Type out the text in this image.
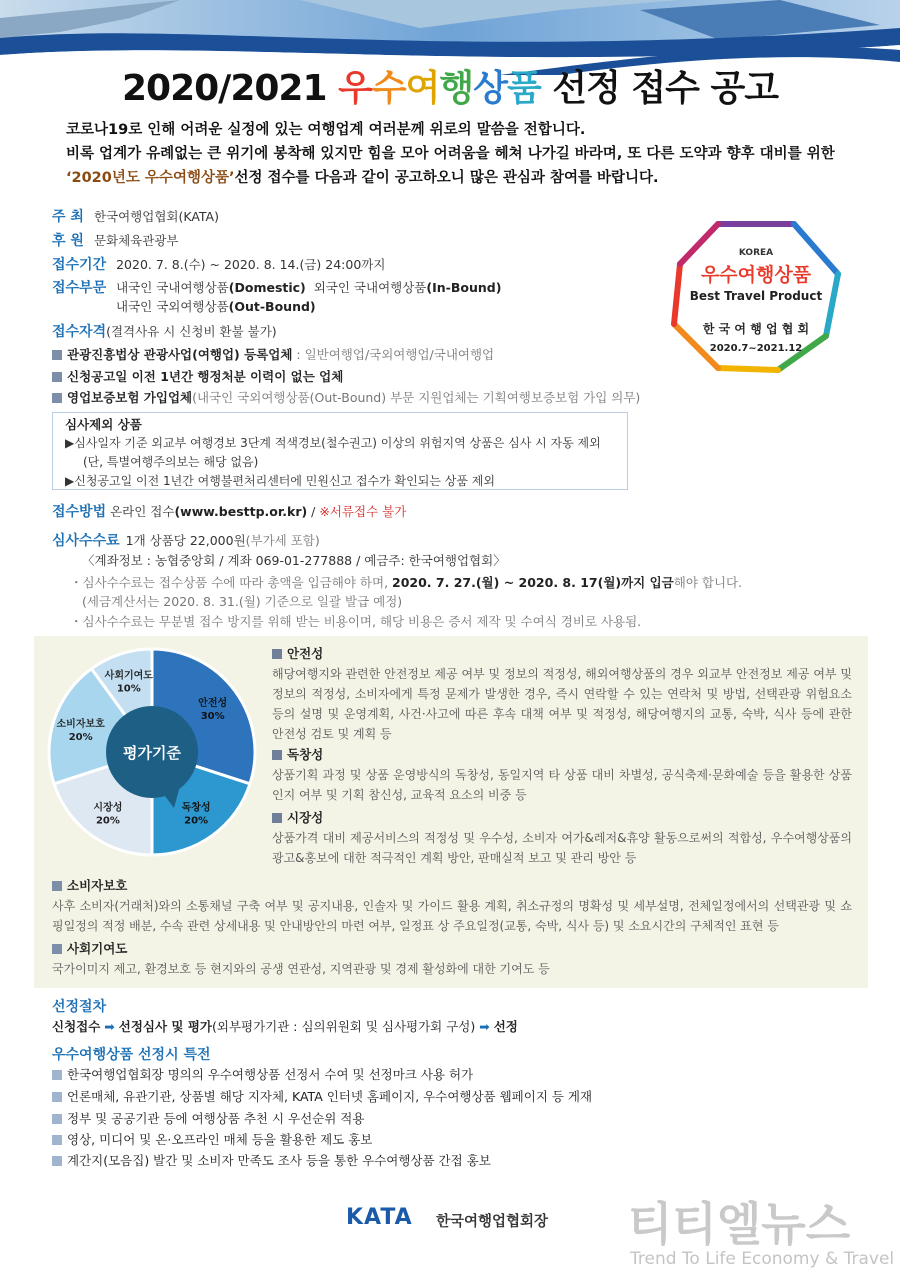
2020/2021 우수여행상품 선정 접수 공고

코로나19로 인해 어려운 실정에 있는 여행업계 여러분께 위로의 말씀을 전합니다.

비록 업계가 유례없는 큰 위기에 봉착해 있지만 힘을 모아 어려움을 헤쳐 나가길 바라며, 또 다른 도약과 향후 대비를 위한

‘2020년도 우수여행상품’선정 접수를 다음과 같이 공고하오니 많은 관심과 참여를 바랍니다.

주 최 한국여행업협회(KATA)
후 원 문화체육관광부
접수기간 2020. 7. 8.(수) ~ 2020. 8. 14.(금) 24:00까지
접수부문 내국인 국내여행상품(Domestic) 외국인 국내여행상품(In-Bound)
내국인 국외여행상품(Out-Bound)
접수자격(결격사유 시 신청비 환불 불가)
관광진흥법상 관광사업(여행업) 등록업체 : 일반여행업/국외여행업/국내여행업
신청공고일 이전 1년간 행정처분 이력이 없는 업체
영업보증보험 가입업체(내국인 국외여행상품(Out-Bound) 부문 지원업체는 기획여행보증보험 가입 의무)
KOREA
우수여행상품
Best Travel Product
한 국 여 행 업 협 회
2020.7~2021.12
심사제외 상품
▶심사일자 기준 외교부 여행경보 3단계 적색경보(철수권고) 이상의 위험지역 상품은 심사 시 자동 제외
(단, 특별여행주의보는 해당 없음)
▶신청공고일 이전 1년간 여행불편처리센터에 민원신고 접수가 확인되는 상품 제외
접수방법 온라인 접수(www.besttp.or.kr) / ※서류접수 불가
심사수수료 1개 상품당 22,000원(부가세 포함)
〈계좌정보 : 농협중앙회 / 계좌 069-01-277888 / 예금주: 한국여행업협회〉
・심사수수료는 접수상품 수에 따라 총액을 입금해야 하며, 2020. 7. 27.(월) ~ 2020. 8. 17(월)까지 입금해야 합니다.
(세금계산서는 2020. 8. 31.(월) 기준으로 일괄 발급 예정)
・심사수수료는 무분별 접수 방지를 위해 받는 비용이며, 해당 비용은 증서 제작 및 수여식 경비로 사용됨.
안전성
30%
독창성
20%
시장성
20%
소비자보호
20%
사회기여도
10%
평가기준
안전성
해당여행지와 관련한 안전정보 제공 여부 및 정보의 적정성, 해외여행상품의 경우 외교부 안전정보 제공 여부 및 정보의 적정성, 소비자에게 특정 문제가 발생한 경우, 즉시 연락할 수 있는 연락처 및 방법, 선택관광 위험요소 등의 설명 및 운영계획, 사건·사고에 따른 후속 대책 여부 및 적정성, 해당여행지의 교통, 숙박, 식사 등에 관한 안전성 검토 및 계획 등
독창성
상품기획 과정 및 상품 운영방식의 독창성, 동일지역 타 상품 대비 차별성, 공식축제·문화예술 등을 활용한 상품인지 여부 및 기획 참신성, 교육적 요소의 비중 등
시장성
상품가격 대비 제공서비스의 적정성 및 우수성, 소비자 여가&레저&휴양 활동으로써의 적합성, 우수여행상품의 광고&홍보에 대한 적극적인 계획 방안, 판매실적 보고 및 관리 방안 등
소비자보호
사후 소비자(거래처)와의 소통채널 구축 여부 및 공지내용, 인솔자 및 가이드 활용 계획, 취소규정의 명확성 및 세부설명, 전체일정에서의 선택관광 및 쇼핑일정의 적정 배분, 수속 관련 상세내용 및 안내방안의 마련 여부, 일정표 상 주요일정(교통, 숙박, 식사 등) 및 소요시간의 구체적인 표현 등
사회기여도
국가이미지 제고, 환경보호 등 현지와의 공생 연관성, 지역관광 및 경제 활성화에 대한 기여도 등
선정절차
신청접수 ➡ 선정심사 및 평가(외부평가기관 : 심의위원회 및 심사평가회 구성) ➡ 선정
우수여행상품 선정시 특전
한국여행업협회장 명의의 우수여행상품 선정서 수여 및 선정마크 사용 허가
언론매체, 유관기관, 상품별 해당 지자체, KATA 인터넷 홈페이지, 우수여행상품 웹페이지 등 게재
정부 및 공공기관 등에 여행상품 추천 시 우선순위 적용
영상, 미디어 및 온·오프라인 매체 등을 활용한 제도 홍보
계간지(모음집) 발간 및 소비자 만족도 조사 등을 통한 우수여행상품 간접 홍보
KATA 한국여행업협회장 티티엘뉴스
Trend To Life Economy & Travel
